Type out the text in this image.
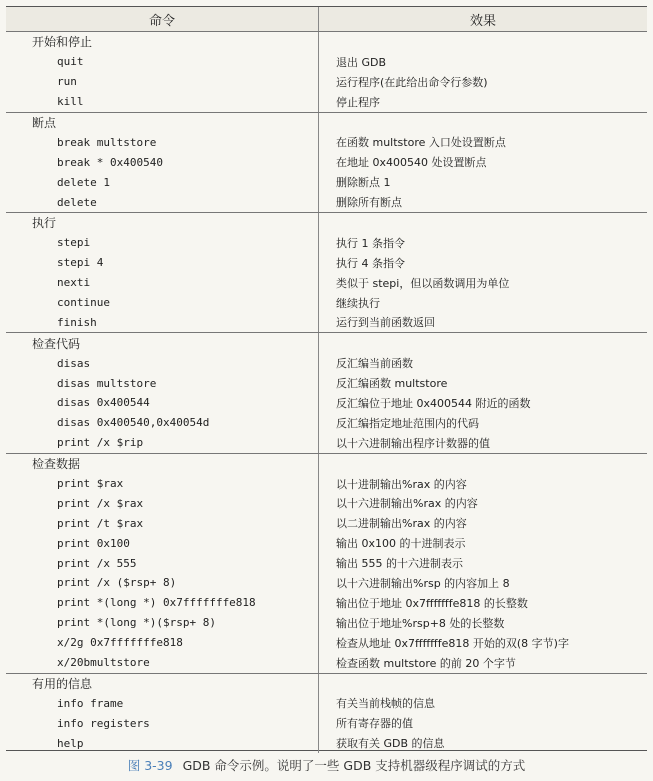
命令	效果
开始和停止
quit	退出 GDB
run	运行程序(在此给出命令行参数)
kill	停止程序
断点
break multstore	在函数 multstore 入口处设置断点
break * 0x400540	在地址 0x400540 处设置断点
delete 1	删除断点 1
delete	删除所有断点
执行
stepi	执行 1 条指令
stepi 4	执行 4 条指令
nexti	类似于 stepi，但以函数调用为单位
continue	继续执行
finish	运行到当前函数返回
检查代码
disas	反汇编当前函数
disas multstore	反汇编函数 multstore
disas 0x400544	反汇编位于地址 0x400544 附近的函数
disas 0x400540,0x40054d	反汇编指定地址范围内的代码
print /x $rip	以十六进制输出程序计数器的值
检查数据
print $rax	以十进制输出%rax 的内容
print /x $rax	以十六进制输出%rax 的内容
print /t $rax	以二进制输出%rax 的内容
print 0x100	输出 0x100 的十进制表示
print /x 555	输出 555 的十六进制表示
print /x ($rsp+ 8)	以十六进制输出%rsp 的内容加上 8
print *(long *) 0x7fffffffe818	输出位于地址 0x7fffffffe818 的长整数
print *(long *)($rsp+ 8)	输出位于地址%rsp+8 处的长整数
x/2g 0x7fffffffe818	检查从地址 0x7fffffffe818 开始的双(8 字节)字
x/20bmultstore	检查函数 multstore 的前 20 个字节
有用的信息
info frame	有关当前栈帧的信息
info registers	所有寄存器的值
help	获取有关 GDB 的信息
图 3-39 GDB 命令示例。说明了一些 GDB 支持机器级程序调试的方式
